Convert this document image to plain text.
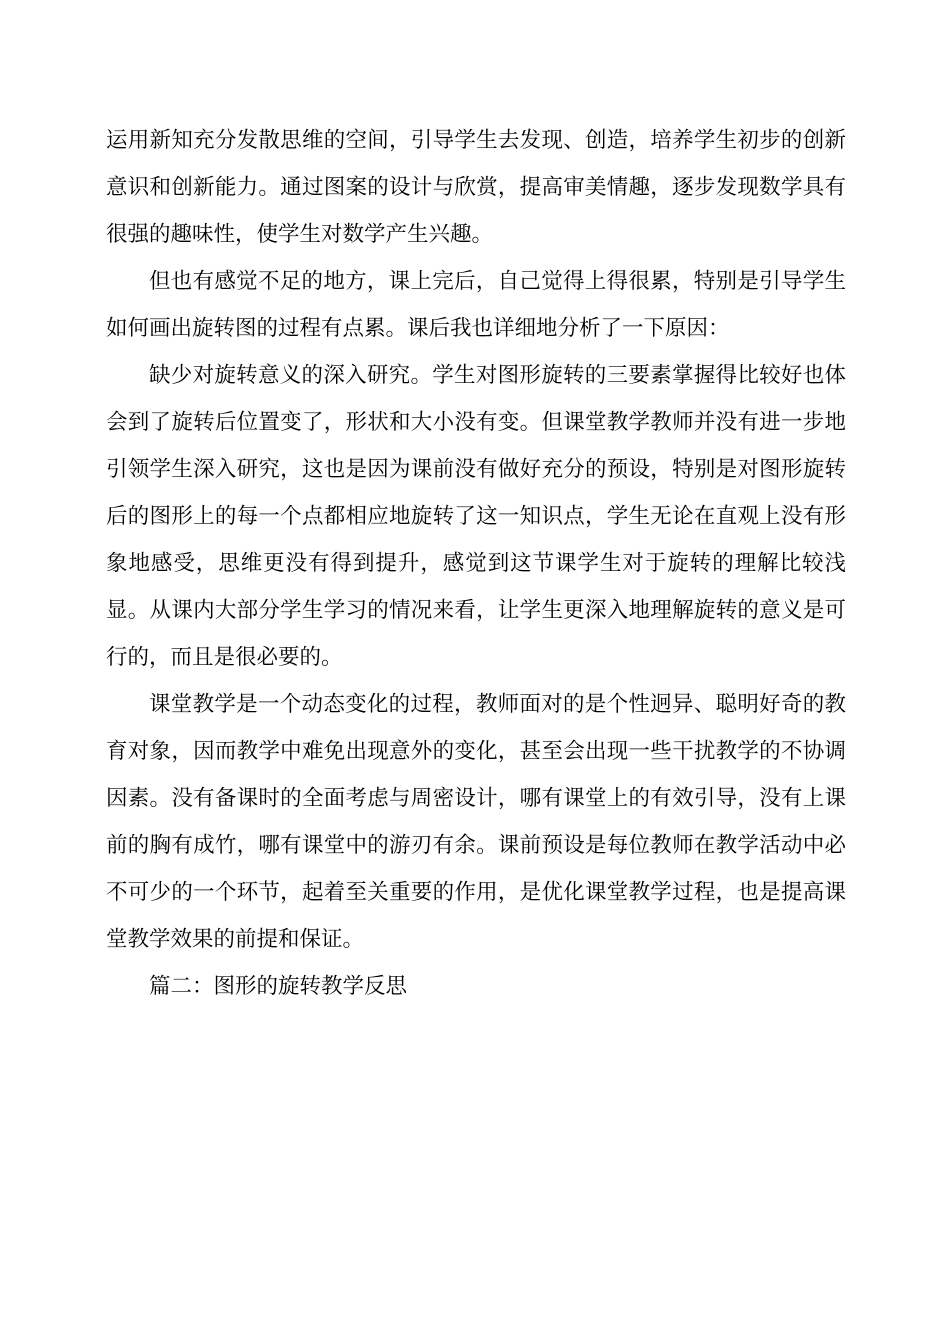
运用新知充分发散思维的空间，引导学生去发现、创造，培养学生初步的创新意识和创新能力。通过图案的设计与欣赏，提高审美情趣，逐步发现数学具有很强的趣味性，使学生对数学产生兴趣。

但也有感觉不足的地方，课上完后，自己觉得上得很累，特别是引导学生如何画出旋转图的过程有点累。课后我也详细地分析了一下原因：

缺少对旋转意义的深入研究。学生对图形旋转的三要素掌握得比较好也体会到了旋转后位置变了，形状和大小没有变。但课堂教学教师并没有进一步地引领学生深入研究，这也是因为课前没有做好充分的预设，特别是对图形旋转后的图形上的每一个点都相应地旋转了这一知识点，学生无论在直观上没有形象地感受，思维更没有得到提升，感觉到这节课学生对于旋转的理解比较浅显。从课内大部分学生学习的情况来看，让学生更深入地理解旋转的意义是可行的，而且是很必要的。

课堂教学是一个动态变化的过程，教师面对的是个性迥异、聪明好奇的教育对象，因而教学中难免出现意外的变化，甚至会出现一些干扰教学的不协调因素。没有备课时的全面考虑与周密设计，哪有课堂上的有效引导，没有上课前的胸有成竹，哪有课堂中的游刃有余。课前预设是每位教师在教学活动中必不可少的一个环节，起着至关重要的作用，是优化课堂教学过程，也是提高课堂教学效果的前提和保证。

篇二：图形的旋转教学反思
